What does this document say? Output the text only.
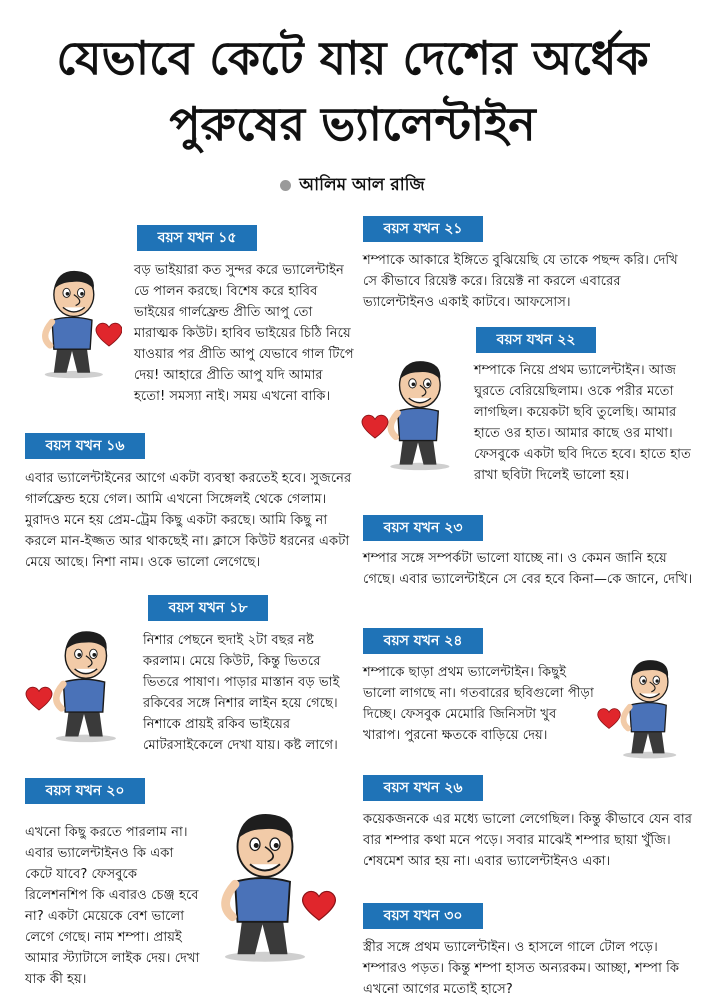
যেভাবে কেটে যায় দেশের অর্ধেক
পুরুষের ভ্যালেন্টাইন
আলিম আল রাজি
বয়স যখন ১৫

বড় ভাইয়ারা কত সুন্দর করে ভ্যালেন্টাইন ডে পালন করছে। বিশেষ করে হাবিব ভাইয়ের গার্লফ্রেন্ড প্রীতি আপু তো মারাত্মক কিউট। হাবিব ভাইয়ের চিঠি নিয়ে যাওয়ার পর প্রীতি আপু যেভাবে গাল টিপে দেয়! আহারে প্রীতি আপু যদি আমার হতো! সমস্যা নাই। সময় এখনো বাকি।

বয়স যখন ১৬

এবার ভ্যালেন্টাইনের আগে একটা ব্যবস্থা করতেই হবে। সুজনের গার্লফ্রেন্ড হয়ে গেল। আমি এখনো সিঙ্গেলই থেকে গেলাম। মুরাদও মনে হয় প্রেম-ট্রেম কিছু একটা করছে। আমি কিছু না করলে মান-ইজ্জত আর থাকছেই না। ক্লাসে কিউট ধরনের একটা মেয়ে আছে। নিশা নাম। ওকে ভালো লেগেছে।

বয়স যখন ১৮

নিশার পেছনে হুদাই ২টা বছর নষ্ট করলাম। মেয়ে কিউট, কিন্তু ভিতরে ভিতরে পাষাণ। পাড়ার মাস্তান বড় ভাই রকিবের সঙ্গে নিশার লাইন হয়ে গেছে। নিশাকে প্রায়ই রকিব ভাইয়ের মোটরসাইকেলে দেখা যায়। কষ্ট লাগে।

বয়স যখন ২০

এখনো কিছু করতে পারলাম না। এবার ভ্যালেন্টাইনও কি একা কেটে যাবে? ফেসবুকে রিলেশনশিপ কি এবারও চেঞ্জ হবে না? একটা মেয়েকে বেশ ভালো লেগে গেছে। নাম শম্পা। প্রায়ই আমার স্ট্যাটাসে লাইক দেয়। দেখা যাক কী হয়।

বয়স যখন ২১

শম্পাকে আকারে ইঙ্গিতে বুঝিয়েছি যে তাকে পছন্দ করি। দেখি সে কীভাবে রিয়েক্ট করে। রিয়েক্ট না করলে এবারের ভ্যালেন্টাইনও একাই কাটবে। আফসোস।

বয়স যখন ২২

শম্পাকে নিয়ে প্রথম ভ্যালেন্টাইন। আজ ঘুরতে বেরিয়েছিলাম। ওকে পরীর মতো লাগছিল। কয়েকটা ছবি তুলেছি। আমার হাতে ওর হাত। আমার কাছে ওর মাথা। ফেসবুকে একটা ছবি দিতে হবে। হাতে হাত রাখা ছবিটা দিলেই ভালো হয়।

বয়স যখন ২৩

শম্পার সঙ্গে সম্পর্কটা ভালো যাচ্ছে না। ও কেমন জানি হয়ে গেছে। এবার ভ্যালেন্টাইনে সে বের হবে কিনা—কে জানে, দেখি।

বয়স যখন ২৪

শম্পাকে ছাড়া প্রথম ভ্যালেন্টাইন। কিছুই ভালো লাগছে না। গতবারের ছবিগুলো পীড়া দিচ্ছে। ফেসবুক মেমোরি জিনিসটা খুব খারাপ। পুরনো ক্ষতকে বাড়িয়ে দেয়।

বয়স যখন ২৬

কয়েকজনকে এর মধ্যে ভালো লেগেছিল। কিন্তু কীভাবে যেন বার বার শম্পার কথা মনে পড়ে। সবার মাঝেই শম্পার ছায়া খুঁজি। শেষমেশ আর হয় না। এবার ভ্যালেন্টাইনও একা।

বয়স যখন ৩০

স্ত্রীর সঙ্গে প্রথম ভ্যালেন্টাইন। ও হাসলে গালে টোল পড়ে। শম্পারও পড়ত। কিন্তু শম্পা হাসত অন্যরকম। আচ্ছা, শম্পা কি এখনো আগের মতোই হাসে?
